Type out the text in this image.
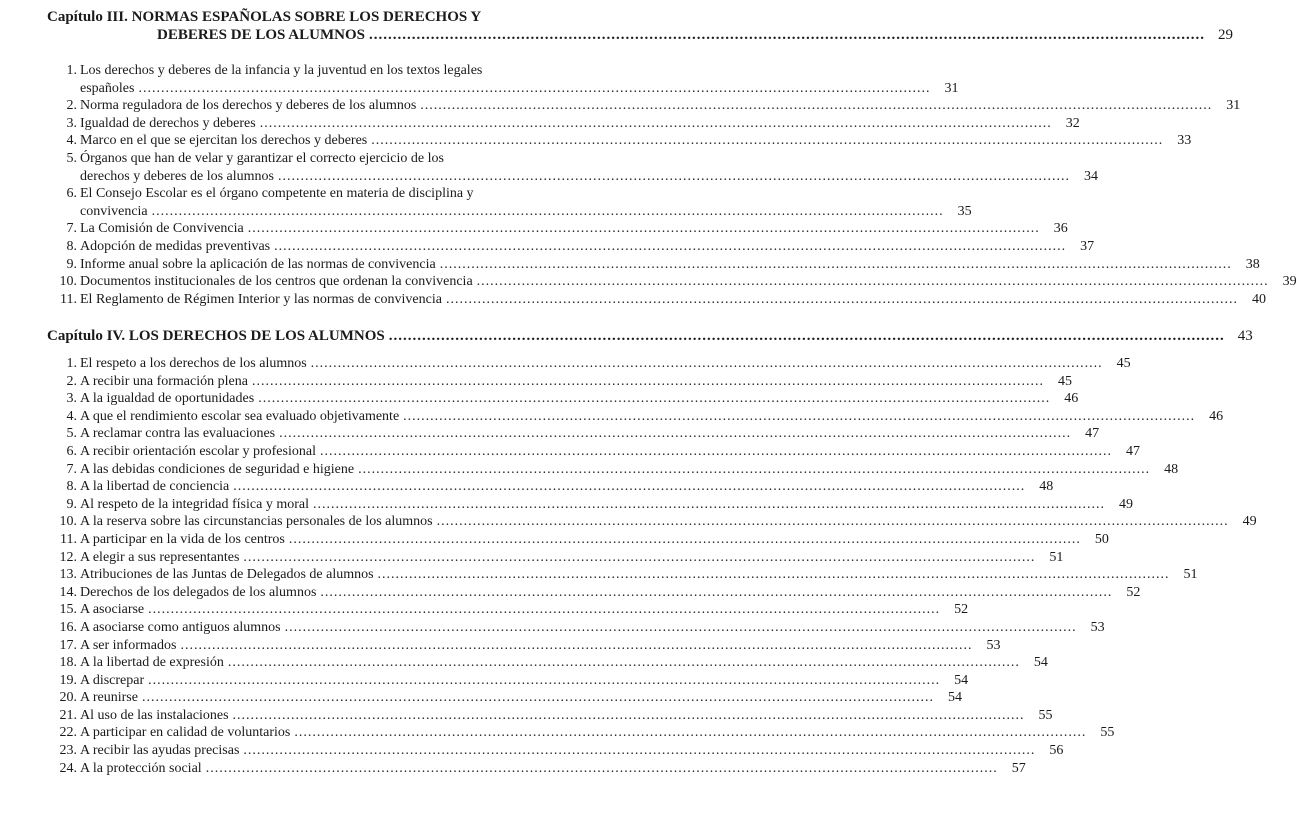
Capítulo III. NORMAS ESPAÑOLAS SOBRE LOS DERECHOS Y
DEBERES DE LOS ALUMNOS .....	29
1. Los derechos y deberes de la infancia y la juventud en los textos legales
españoles .....	31
2. Norma reguladora de los derechos y deberes de los alumnos .....	31
3. Igualdad de derechos y deberes .....	32
4. Marco en el que se ejercitan los derechos y deberes .....	33
5. Órganos que han de velar y garantizar el correcto ejercicio de los
derechos y deberes de los alumnos .....	34
6. El Consejo Escolar es el órgano competente en materia de disciplina y
convivencia .....	35
7. La Comisión de Convivencia .....	36
8. Adopción de medidas preventivas .....	37
9. Informe anual sobre la aplicación de las normas de convivencia .....	38
10. Documentos institucionales de los centros que ordenan la convivencia .....	39
11. El Reglamento de Régimen Interior y las normas de convivencia .....	40
Capítulo IV. LOS DERECHOS DE LOS ALUMNOS .....	43
1. El respeto a los derechos de los alumnos .....	45
2. A recibir una formación plena .....	45
3. A la igualdad de oportunidades .....	46
4. A que el rendimiento escolar sea evaluado objetivamente .....	46
5. A reclamar contra las evaluaciones .....	47
6. A recibir orientación escolar y profesional .....	47
7. A las debidas condiciones de seguridad e higiene .....	48
8. A la libertad de conciencia .....	48
9. Al respeto de la integridad física y moral .....	49
10. A la reserva sobre las circunstancias personales de los alumnos .....	49
11. A participar en la vida de los centros .....	50
12. A elegir a sus representantes .....	51
13. Atribuciones de las Juntas de Delegados de alumnos .....	51
14. Derechos de los delegados de los alumnos .....	52
15. A asociarse .....	52
16. A asociarse como antiguos alumnos .....	53
17. A ser informados .....	53
18. A la libertad de expresión .....	54
19. A discrepar .....	54
20. A reunirse .....	54
21. Al uso de las instalaciones .....	55
22. A participar en calidad de voluntarios .....	55
23. A recibir las ayudas precisas .....	56
24. A la protección social .....	57
